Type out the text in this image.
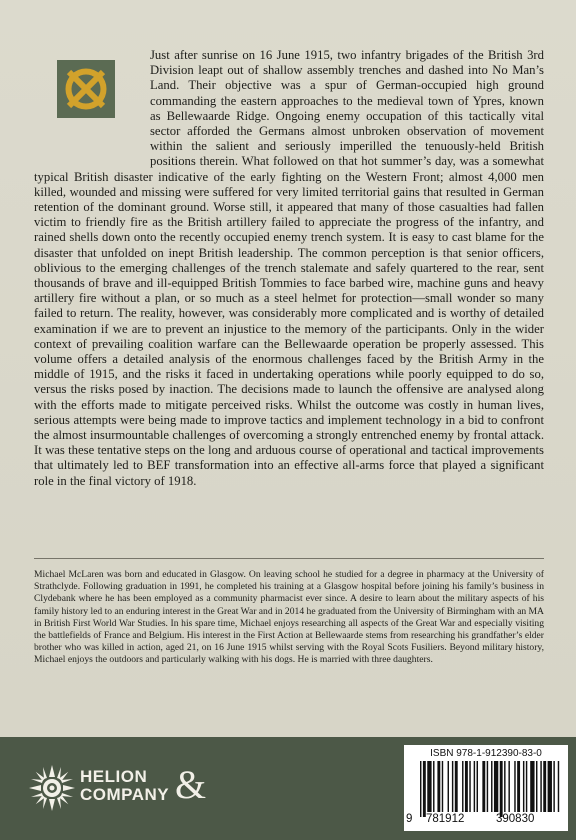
Just after sunrise on 16 June 1915, two infantry brigades of the British 3rd Division leapt out of shallow assembly trenches and dashed into No Man’s Land. Their objective was a spur of German-occupied high ground commanding the eastern approaches to the medieval town of Ypres, known as Bellewaarde Ridge. Ongoing enemy occupation of this tactically vital sector afforded the Germans almost unbroken observation of movement within the salient and seriously imperilled the tenuously-held British positions therein. What followed on that hot summer’s day, was a somewhat typical British disaster indicative of the early fighting on the Western Front; almost 4,000 men killed, wounded and missing were suffered for very limited territorial gains that resulted in German retention of the dominant ground. Worse still, it appeared that many of those casualties had fallen victim to friendly fire as the British artillery failed to appreciate the progress of the infantry, and rained shells down onto the recently occupied enemy trench system. It is easy to cast blame for the disaster that unfolded on inept British leadership. The common perception is that senior officers, oblivious to the emerging challenges of the trench stalemate and safely quartered to the rear, sent thousands of brave and ill-equipped British Tommies to face barbed wire, machine guns and heavy artillery fire without a plan, or so much as a steel helmet for protection—small wonder so many failed to return. The reality, however, was considerably more complicated and is worthy of detailed examination if we are to prevent an injustice to the memory of the participants. Only in the wider context of prevailing coalition warfare can the Bellewaarde operation be properly assessed. This volume offers a detailed analysis of the enormous challenges faced by the British Army in the middle of 1915, and the risks it faced in undertaking operations while poorly equipped to do so, versus the risks posed by inaction. The decisions made to launch the offensive are analysed along with the efforts made to mitigate perceived risks. Whilst the outcome was costly in human lives, serious attempts were being made to improve tactics and implement technology in a bid to confront the almost insurmountable challenges of overcoming a strongly entrenched enemy by frontal attack. It was these tentative steps on the long and arduous course of operational and tactical improvements that ultimately led to BEF transformation into an effective all-arms force that played a significant role in the final victory of 1918.

Michael McLaren was born and educated in Glasgow. On leaving school he studied for a degree in pharmacy at the University of Strathclyde. Following graduation in 1991, he completed his training at a Glasgow hospital before joining his family’s business in Clydebank where he has been employed as a community pharmacist ever since. A desire to learn about the military aspects of his family history led to an enduring interest in the Great War and in 2014 he graduated from the University of Birmingham with an MA in British First World War Studies. In his spare time, Michael enjoys researching all aspects of the Great War and especially visiting the battlefields of France and Belgium. His interest in the First Action at Bellewaarde stems from researching his grandfather’s elder brother who was killed in action, aged 21, on 16 June 1915 whilst serving with the Royal Scots Fusiliers. Beyond military history, Michael enjoys the outdoors and particularly walking with his dogs. He is married with three daughters.

HELION
COMPANY &
ISBN 978-1-912390-83-0
9 781912	390830
